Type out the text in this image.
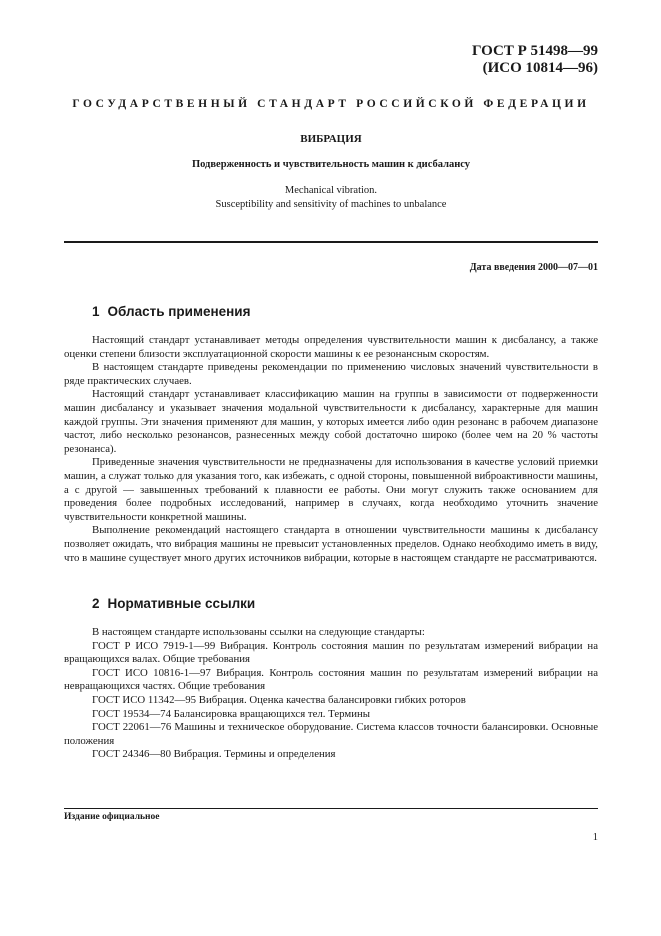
ГОСТ Р 51498—99
(ИСО 10814—96)
ГОСУДАРСТВЕННЫЙ СТАНДАРТ РОССИЙСКОЙ ФЕДЕРАЦИИ
ВИБРАЦИЯ
Подверженность и чувствительность машин к дисбалансу
Mechanical vibration.
Susceptibility and sensitivity of machines to unbalance
Дата введения 2000—07—01
1 Область применения

Настоящий стандарт устанавливает методы определения чувствительности машин к дисбалансу, а также оценки степени близости эксплуатационной скорости машины к ее резонансным скоростям.

В настоящем стандарте приведены рекомендации по применению числовых значений чувствительности в ряде практических случаев.

Настоящий стандарт устанавливает классификацию машин на группы в зависимости от подверженности машин дисбалансу и указывает значения модальной чувствительности к дисбалансу, характерные для машин каждой группы. Эти значения применяют для машин, у которых имеется либо один резонанс в рабочем диапазоне частот, либо несколько резонансов, разнесенных между собой достаточно широко (более чем на 20 % частоты резонанса).

Приведенные значения чувствительности не предназначены для использования в качестве условий приемки машин, а служат только для указания того, как избежать, с одной стороны, повышенной виброактивности машины, а с другой — завышенных требований к плавности ее работы. Они могут служить также основанием для проведения более подробных исследований, например в случаях, когда необходимо уточнить значение чувствительности конкретной машины.

Выполнение рекомендаций настоящего стандарта в отношении чувствительности машины к дисбалансу позволяет ожидать, что вибрация машины не превысит установленных пределов. Однако необходимо иметь в виду, что в машине существует много других источников вибрации, которые в настоящем стандарте не рассматриваются.

2 Нормативные ссылки

В настоящем стандарте использованы ссылки на следующие стандарты:

ГОСТ Р ИСО 7919-1—99 Вибрация. Контроль состояния машин по результатам измерений вибрации на вращающихся валах. Общие требования

ГОСТ ИСО 10816-1—97 Вибрация. Контроль состояния машин по результатам измерений вибрации на невращающихся частях. Общие требования

ГОСТ ИСО 11342—95 Вибрация. Оценка качества балансировки гибких роторов

ГОСТ 19534—74 Балансировка вращающихся тел. Термины

ГОСТ 22061—76 Машины и техническое оборудование. Система классов точности балансировки. Основные положения

ГОСТ 24346—80 Вибрация. Термины и определения

Издание официальное
1
